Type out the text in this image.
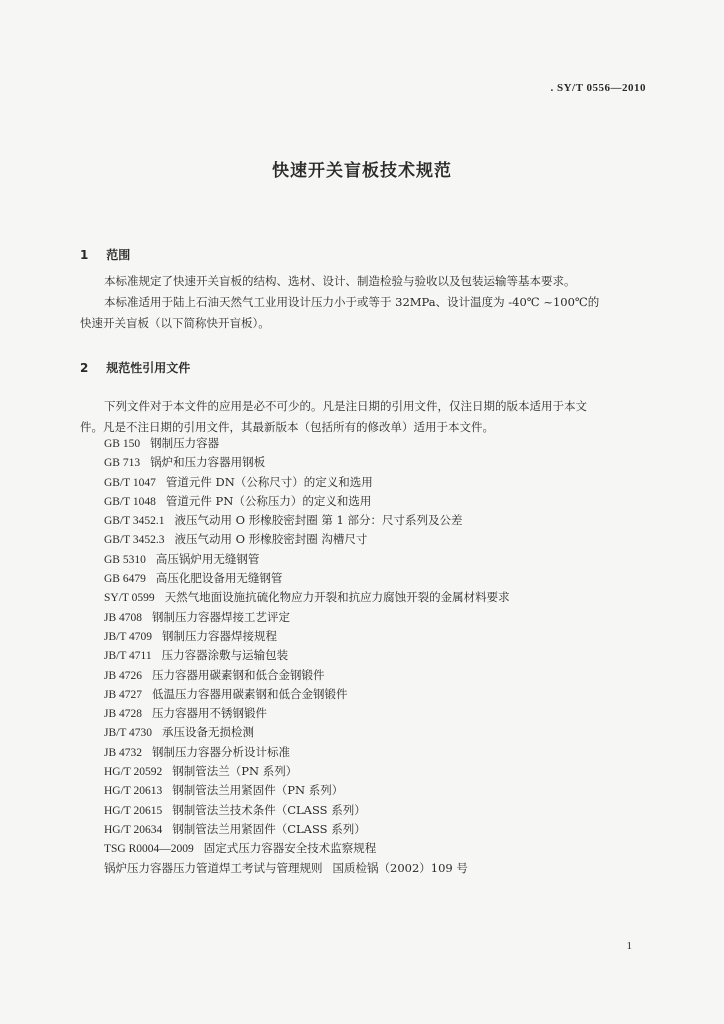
. SY/T 0556—2010
快速开关盲板技术规范
1 范围
本标准规定了快速开关盲板的结构、选材、设计、制造检验与验收以及包装运输等基本要求。
本标准适用于陆上石油天然气工业用设计压力小于或等于 32MPa、设计温度为 -40℃ ~100℃的
快速开关盲板（以下简称快开盲板）。
2 规范性引用文件
下列文件对于本文件的应用是必不可少的。凡是注日期的引用文件，仅注日期的版本适用于本文
件。凡是不注日期的引用文件，其最新版本（包括所有的修改单）适用于本文件。
GB 150 钢制压力容器
GB 713 锅炉和压力容器用钢板
GB/T 1047 管道元件 DN（公称尺寸）的定义和选用
GB/T 1048 管道元件 PN（公称压力）的定义和选用
GB/T 3452.1 液压气动用 O 形橡胶密封圈 第 1 部分：尺寸系列及公差
GB/T 3452.3 液压气动用 O 形橡胶密封圈 沟槽尺寸
GB 5310 高压锅炉用无缝钢管
GB 6479 高压化肥设备用无缝钢管
SY/T 0599 天然气地面设施抗硫化物应力开裂和抗应力腐蚀开裂的金属材料要求
JB 4708 钢制压力容器焊接工艺评定
JB/T 4709 钢制压力容器焊接规程
JB/T 4711 压力容器涂敷与运输包装
JB 4726 压力容器用碳素钢和低合金钢锻件
JB 4727 低温压力容器用碳素钢和低合金钢锻件
JB 4728 压力容器用不锈钢锻件
JB/T 4730 承压设备无损检测
JB 4732 钢制压力容器分析设计标准
HG/T 20592 钢制管法兰（PN 系列）
HG/T 20613 钢制管法兰用紧固件（PN 系列）
HG/T 20615 钢制管法兰技术条件（CLASS 系列）
HG/T 20634 钢制管法兰用紧固件（CLASS 系列）
TSG R0004—2009 固定式压力容器安全技术监察规程
锅炉压力容器压力管道焊工考试与管理规则 国质检锅（2002）109 号
1
